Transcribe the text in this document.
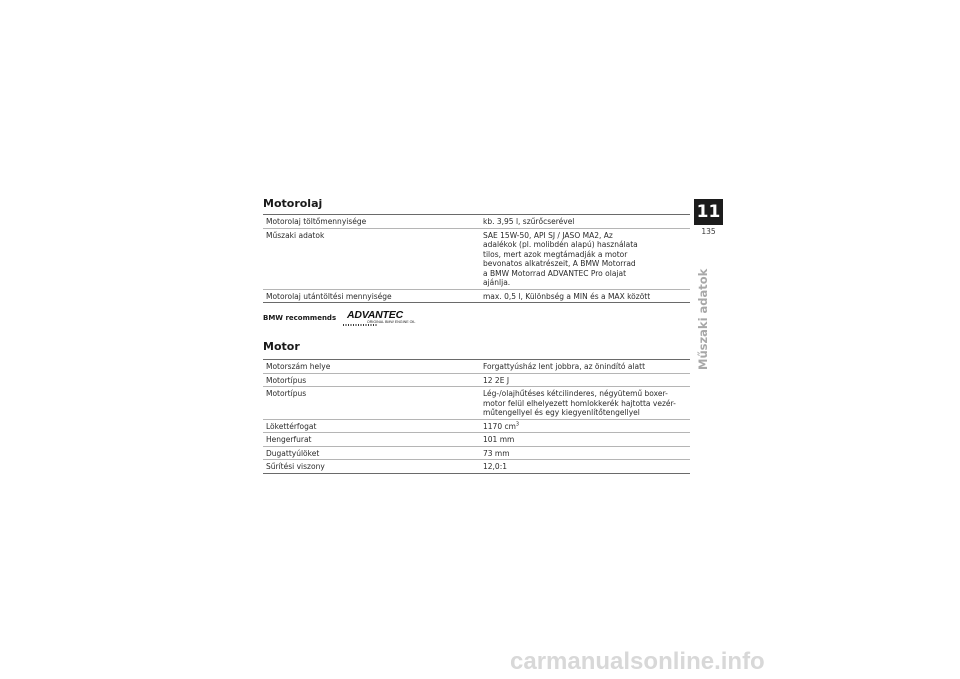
Motorolaj
Motorolaj töltőmennyisége	kb. 3,95 l, szűrőcserével
Műszaki adatok	SAE 15W-50, API SJ / JASO MA2, Az adalékok (pl. molibdén alapú) használata tilos, mert azok megtámadják a motor bevonatos alkatrészeit, A BMW Motorrad a BMW Motorrad ADVANTEC Pro olajat ajánlja.
Motorolaj utántöltési mennyisége	max. 0,5 l, Különbség a MIN és a MAX között
BMW recommends ADVANTEC
ORIGINAL BMW ENGINE OIL
Motor
Motorszám helye	Forgattyúsház lent jobbra, az önindító alatt
Motortípus	12 2E J
Motortípus	Lég-/olajhűtéses kétcilinderes, négyütemű boxer-motor felül elhelyezett homlokkerék hajtotta vezér-műtengellyel és egy kiegyenlítőtengellyel
Lökettérfogat	1170 $cm^3$
Hengerfurat	101 mm
Dugattyúlöket	73 mm
Sűrítési viszony	12,0:1
11
135
Műszaki adatok
carmanualsonline.info
